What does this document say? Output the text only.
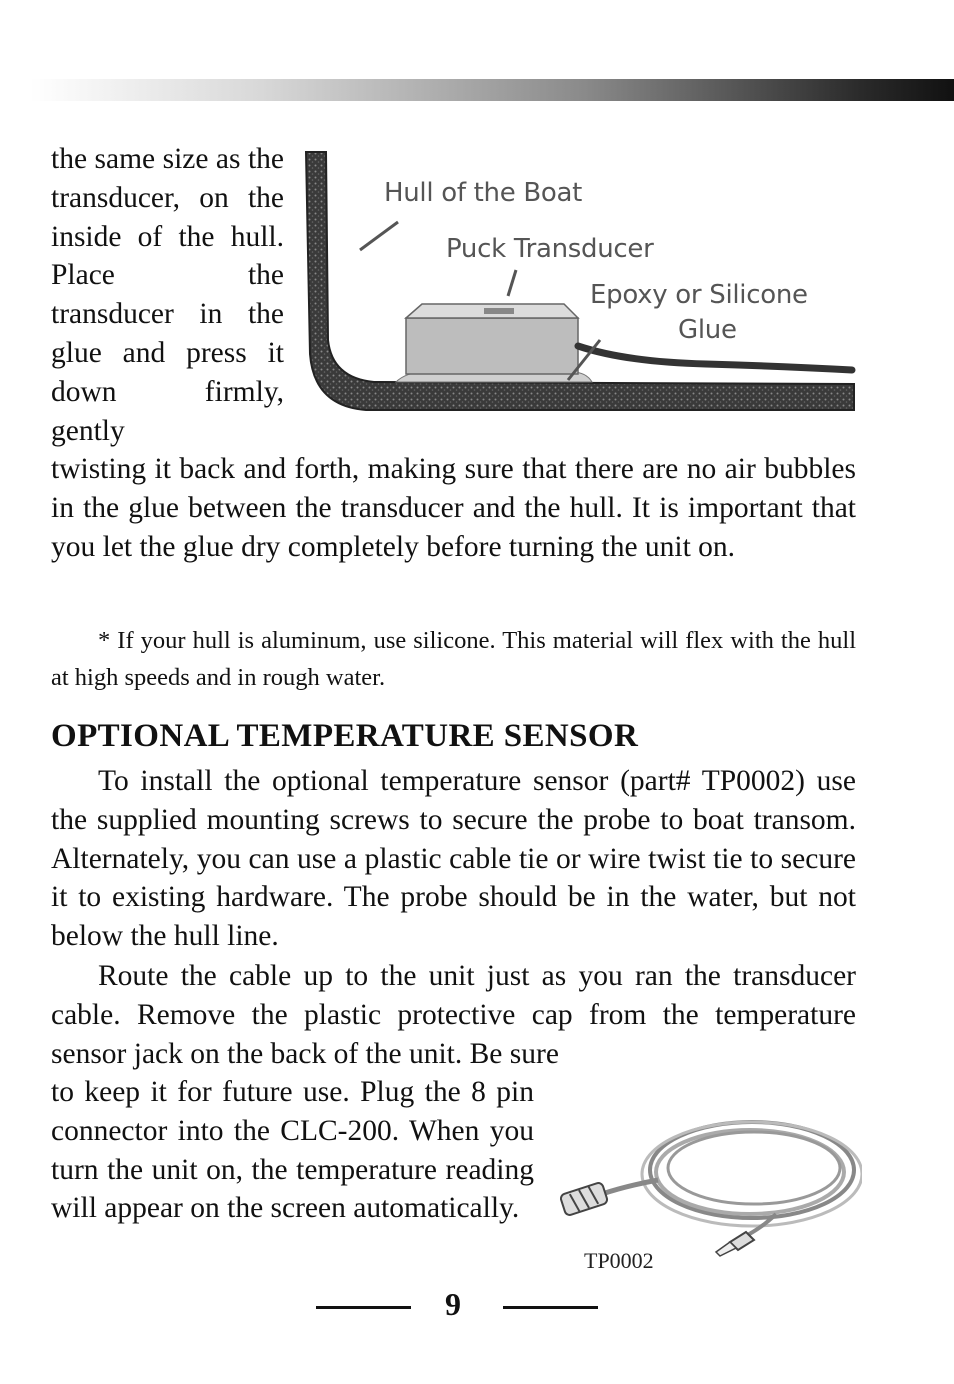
the same size as the transducer, on the inside of the hull. Place the transducer in the glue and press it down firmly, gently
Hull of the Boat
Puck Transducer
Epoxy or Silicone
Glue
twisting it back and forth, making sure that there are no air bubbles in the glue between the transducer and the hull. It is important that you let the glue dry completely before turning the unit on.
* If your hull is aluminum, use silicone. This material will flex with the hull at high speeds and in rough water.
OPTIONAL TEMPERATURE SENSOR
To install the optional temperature sensor (part# TP0002) use the supplied mounting screws to secure the probe to boat transom. Alternately, you can use a plastic cable tie or wire twist tie to secure it to existing hardware. The probe should be in the water, but not below the hull line.
Route the cable up to the unit just as you ran the transducer cable. Remove the plastic protective cap from the temperature sensor jack on the back of the unit. Be sure
to keep it for future use. Plug the 8 pin connector into the CLC-200. When you turn the unit on, the temperature reading will appear on the screen automatically.
TP0002
9
